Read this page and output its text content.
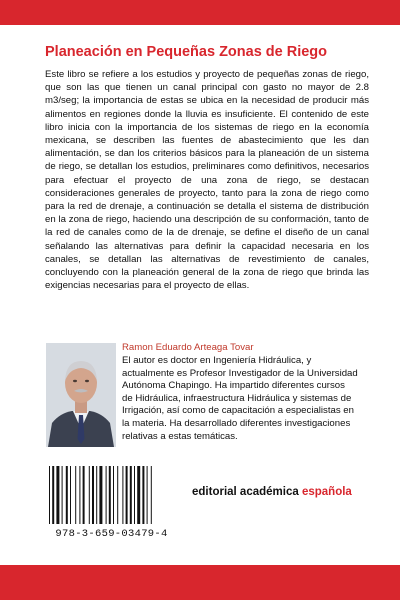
Planeación en Pequeñas Zonas de Riego

Este libro se refiere a los estudios y proyecto de pequeñas zonas de riego, que son las que tienen un canal principal con gasto no mayor de 2.8 m3/seg; la importancia de estas se ubica en la necesidad de producir más alimentos en regiones donde la lluvia es insuficiente. El contenido de este libro inicia con la importancia de los sistemas de riego en la economía mexicana, se describen las fuentes de abastecimiento que les dan alimentación, se dan los criterios básicos para la planeación de un sistema de riego, se detallan los estudios, preliminares como definitivos, necesarios para efectuar el proyecto de una zona de riego, se destacan consideraciones generales de proyecto, tanto para la zona de riego como para la red de drenaje, a continuación se detalla el sistema de distribución en la zona de riego, haciendo una descripción de su conformación, tanto de la red de canales como de la de drenaje, se define el diseño de un canal señalando las alternativas para definir la capacidad necesaria en los canales, se detallan las alternativas de revestimiento de canales, concluyendo con la planeación general de la zona de riego que brinda las exigencias necesarias para el proyecto de ellas.

Ramon Eduardo Arteaga Tovar

El autor es doctor en Ingeniería Hidráulica, y actualmente es Profesor Investigador de la Universidad Autónoma Chapingo. Ha impartido diferentes cursos de Hidráulica, infraestructura Hidráulica y sistemas de Irrigación, así como de capacitación a especialistas en la materia. Ha desarrollado diferentes investigaciones relativas a estas temáticas.

978-3-659-03479-4
editorial académica española
